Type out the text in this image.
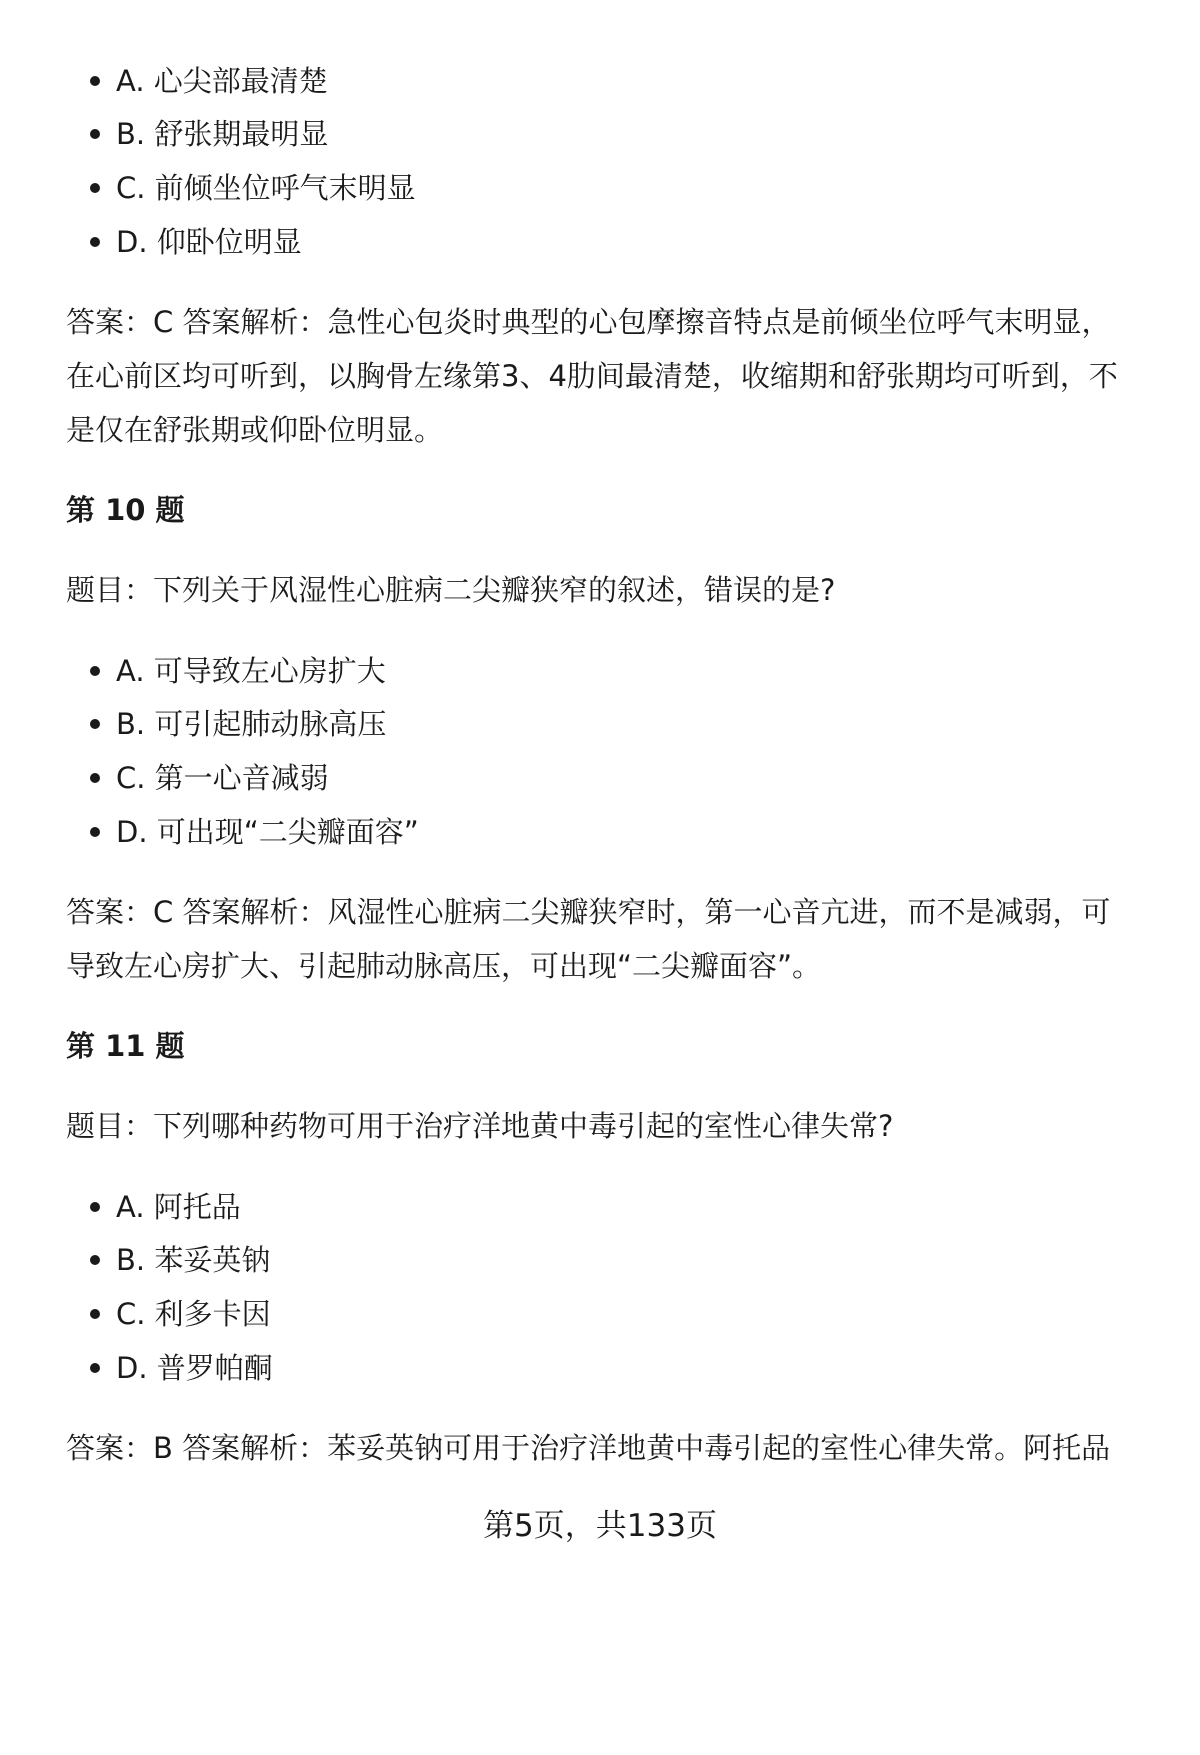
A. 心尖部最清楚
B. 舒张期最明显
C. 前倾坐位呼气末明显
D. 仰卧位明显
答案：C 答案解析：急性心包炎时典型的心包摩擦音特点是前倾坐位呼气末明显，
在心前区均可听到，以胸骨左缘第3、4肋间最清楚，收缩期和舒张期均可听到，不
是仅在舒张期或仰卧位明显。
第 10 题
题目：下列关于风湿性心脏病二尖瓣狭窄的叙述，错误的是?
A. 可导致左心房扩大
B. 可引起肺动脉高压
C. 第一心音减弱
D. 可出现“二尖瓣面容”
答案：C 答案解析：风湿性心脏病二尖瓣狭窄时，第一心音亢进，而不是减弱，可
导致左心房扩大、引起肺动脉高压，可出现“二尖瓣面容”。
第 11 题
题目：下列哪种药物可用于治疗洋地黄中毒引起的室性心律失常?
A. 阿托品
B. 苯妥英钠
C. 利多卡因
D. 普罗帕酮
答案：B 答案解析：苯妥英钠可用于治疗洋地黄中毒引起的室性心律失常。阿托品
第5页，共133页
